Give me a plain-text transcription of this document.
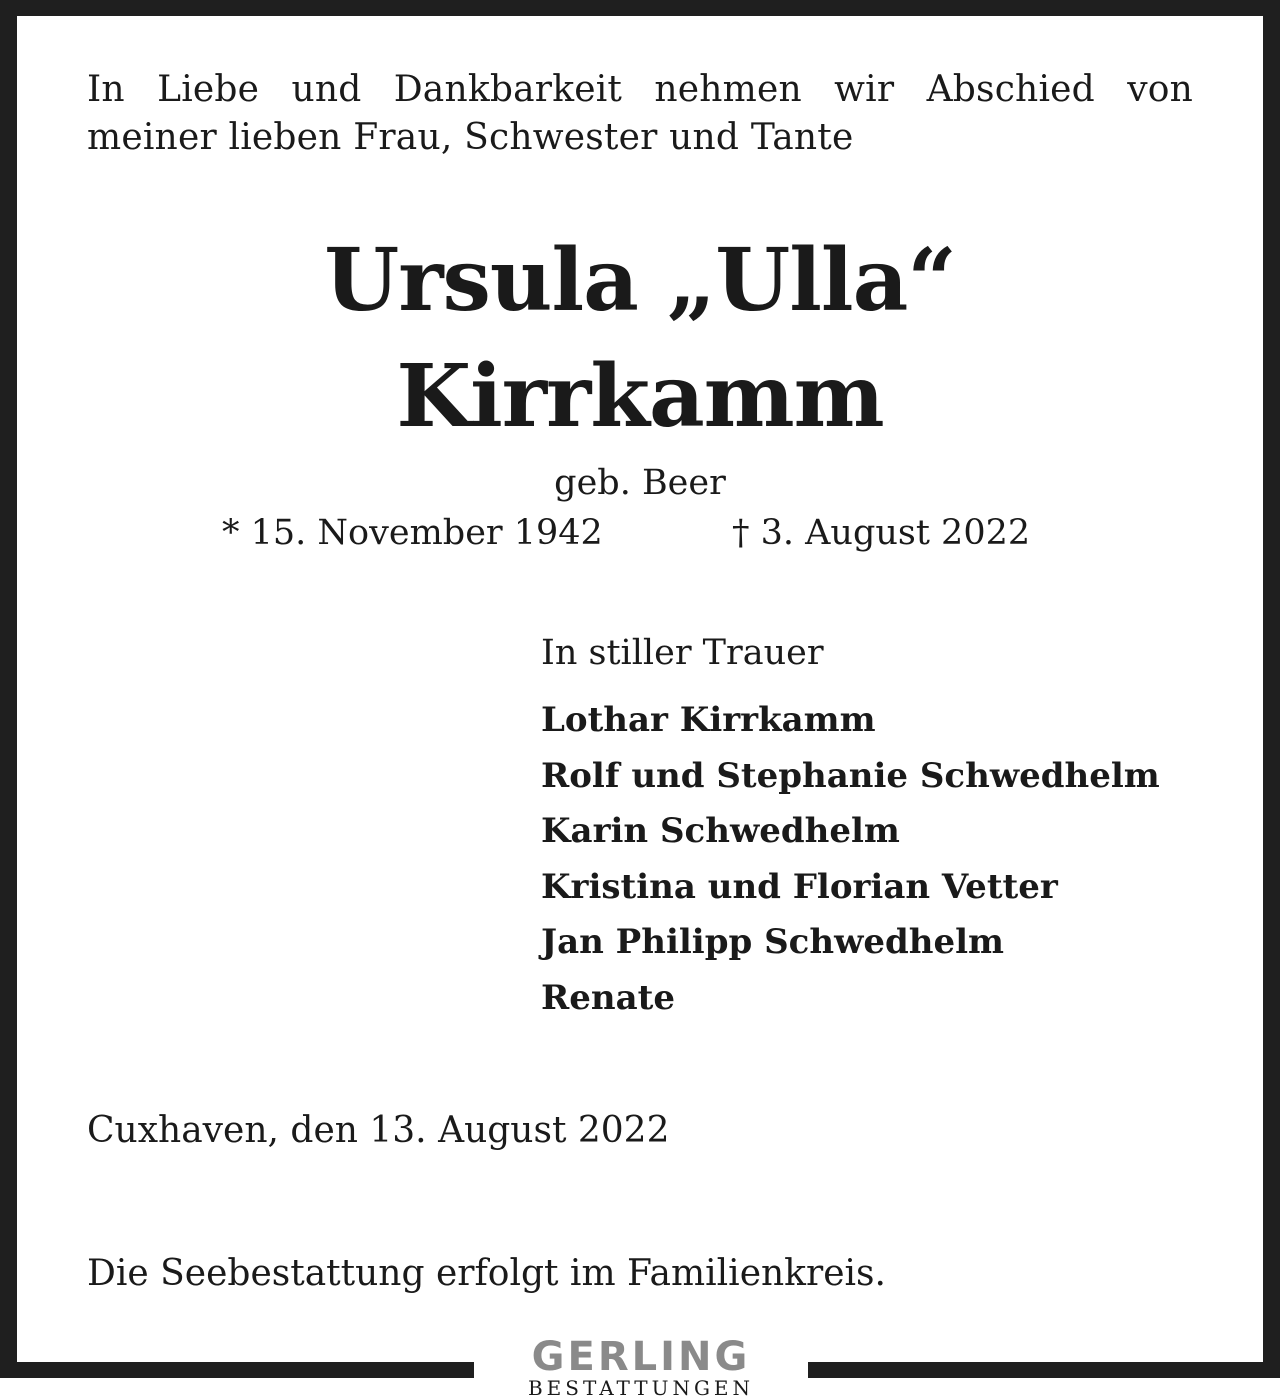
In Liebe und Dankbarkeit nehmen wir Abschied von
meiner lieben Frau, Schwester und Tante
Ursula „Ulla“
Kirrkamm
geb. Beer
* 15. November 1942	† 3. August 2022
In stiller Trauer
Lothar Kirrkamm
Rolf und Stephanie Schwedhelm
Karin Schwedhelm
Kristina und Florian Vetter
Jan Philipp Schwedhelm
Renate
Cuxhaven, den 13. August 2022
Die Seebestattung erfolgt im Familienkreis.
GERLING
BESTATTUNGEN
